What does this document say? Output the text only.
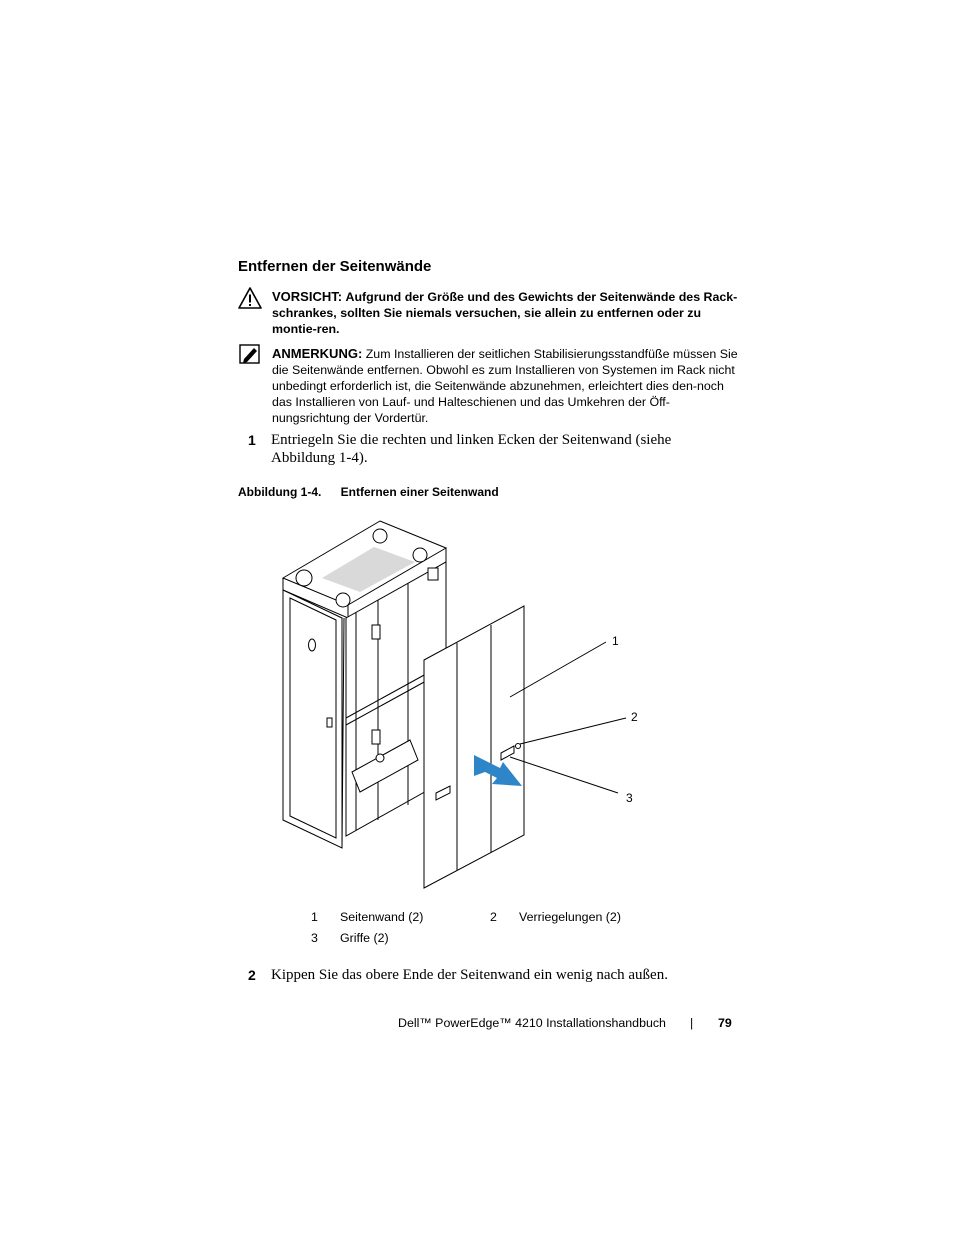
Entfernen der Seitenwände
VORSICHT: Aufgrund der Größe und des Gewichts der Seitenwände des Rack-schrankes, sollten Sie niemals versuchen, sie allein zu entfernen oder zu montie-ren.
ANMERKUNG: Zum Installieren der seitlichen Stabilisierungsstandfüße müssen Sie die Seitenwände entfernen. Obwohl es zum Installieren von Systemen im Rack nicht unbedingt erforderlich ist, die Seitenwände abzunehmen, erleichtert dies den-noch das Installieren von Lauf- und Halteschienen und das Umkehren der Öff-nungsrichtung der Vordertür.
1 Entriegeln Sie die rechten und linken Ecken der Seitenwand (siehe Abbildung 1-4).
Abbildung 1-4. Entfernen einer Seitenwand
1
2
3
1 Seitenwand (2)	2 Verriegelungen (2)
3 Griffe (2)
2 Kippen Sie das obere Ende der Seitenwand ein wenig nach außen.
Dell™ PowerEdge™ 4210 Installationshandbuch | 79
